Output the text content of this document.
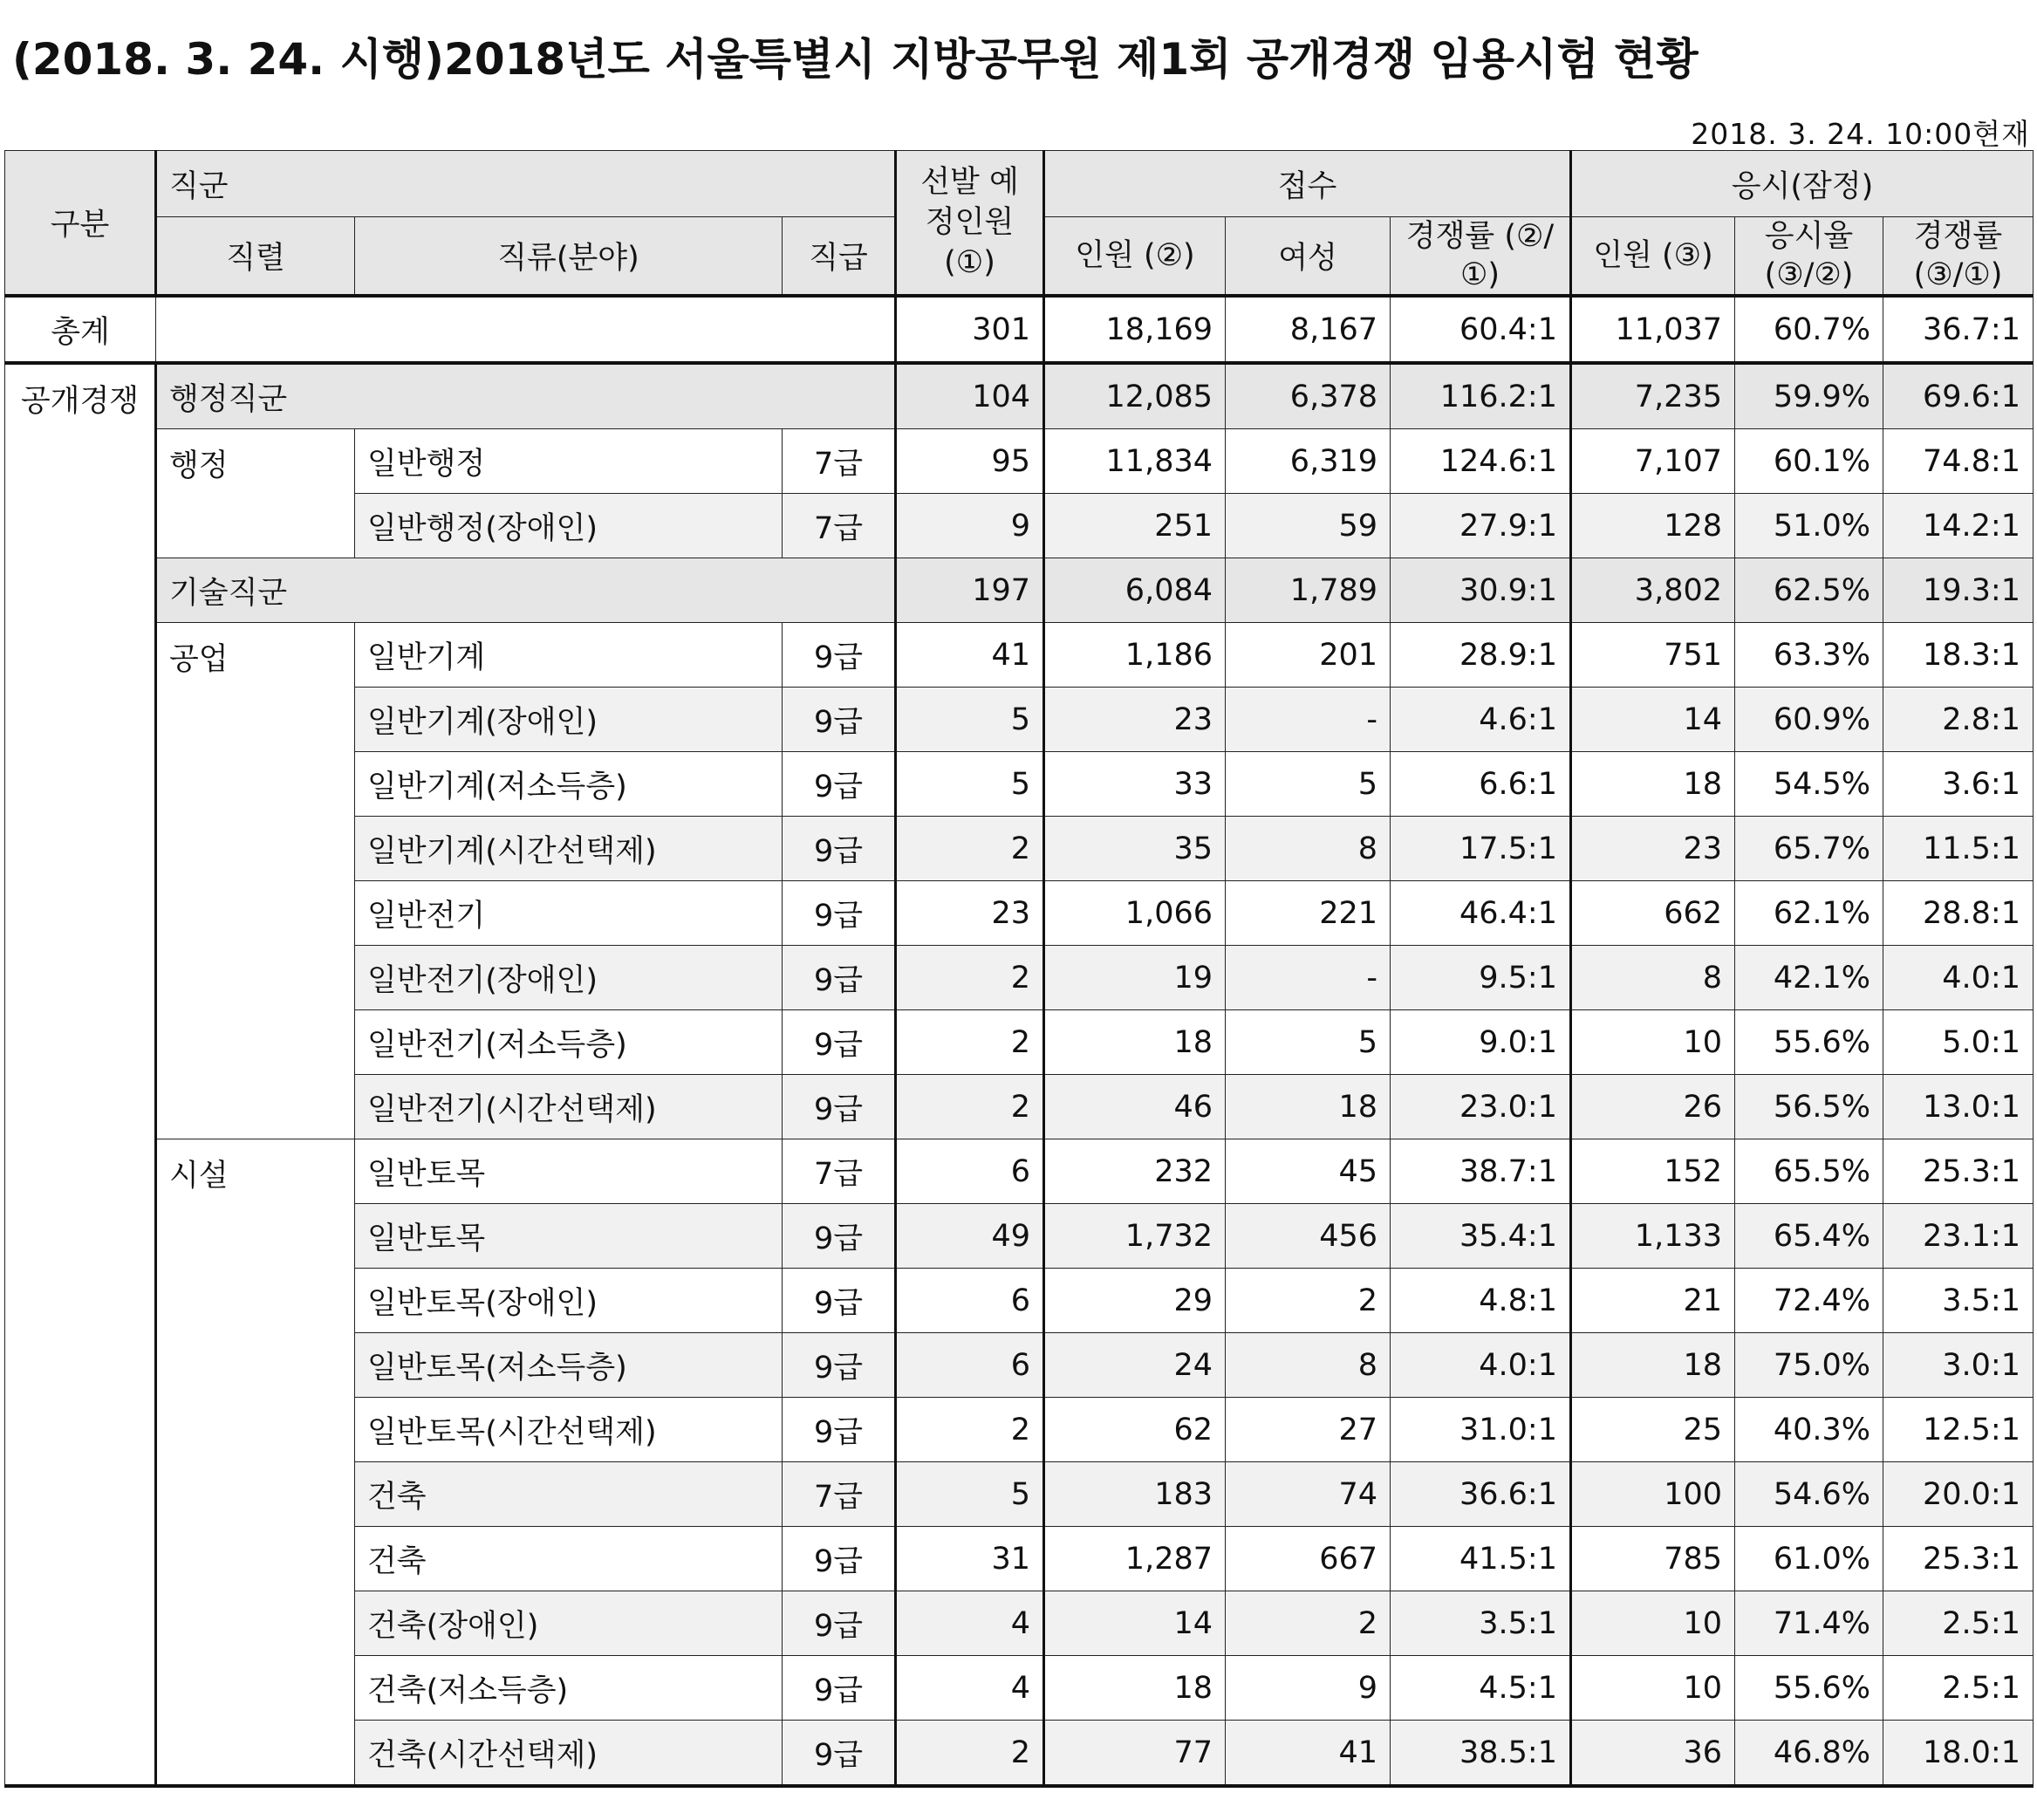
(2018. 3. 24. 시행)2018년도 서울특별시 지방공무원 제1회 공개경쟁 임용시험 현황
2018. 3. 24. 10:00현재
구분	직군			선발 예정인원 (①)	접수			응시(잠정)		
	직렬	직류(분야)	직급		인원 (②)	여성	경쟁률 (②/①)	인원 (③)	응시율 (③/②)	경쟁률 (③/①)
총계				301	18,169	8,167	60.4:1	11,037	60.7%	36.7:1
공개경쟁	행정직군			104	12,085	6,378	116.2:1	7,235	59.9%	69.6:1
	행정	일반행정	7급	95	11,834	6,319	124.6:1	7,107	60.1%	74.8:1
		일반행정(장애인)	7급	9	251	59	27.9:1	128	51.0%	14.2:1
	기술직군			197	6,084	1,789	30.9:1	3,802	62.5%	19.3:1
	공업	일반기계	9급	41	1,186	201	28.9:1	751	63.3%	18.3:1
		일반기계(장애인)	9급	5	23	-	4.6:1	14	60.9%	2.8:1
		일반기계(저소득층)	9급	5	33	5	6.6:1	18	54.5%	3.6:1
		일반기계(시간선택제)	9급	2	35	8	17.5:1	23	65.7%	11.5:1
		일반전기	9급	23	1,066	221	46.4:1	662	62.1%	28.8:1
		일반전기(장애인)	9급	2	19	-	9.5:1	8	42.1%	4.0:1
		일반전기(저소득층)	9급	2	18	5	9.0:1	10	55.6%	5.0:1
		일반전기(시간선택제)	9급	2	46	18	23.0:1	26	56.5%	13.0:1
	시설	일반토목	7급	6	232	45	38.7:1	152	65.5%	25.3:1
		일반토목	9급	49	1,732	456	35.4:1	1,133	65.4%	23.1:1
		일반토목(장애인)	9급	6	29	2	4.8:1	21	72.4%	3.5:1
		일반토목(저소득층)	9급	6	24	8	4.0:1	18	75.0%	3.0:1
		일반토목(시간선택제)	9급	2	62	27	31.0:1	25	40.3%	12.5:1
		건축	7급	5	183	74	36.6:1	100	54.6%	20.0:1
		건축	9급	31	1,287	667	41.5:1	785	61.0%	25.3:1
		건축(장애인)	9급	4	14	2	3.5:1	10	71.4%	2.5:1
		건축(저소득층)	9급	4	18	9	4.5:1	10	55.6%	2.5:1
		건축(시간선택제)	9급	2	77	41	38.5:1	36	46.8%	18.0:1
